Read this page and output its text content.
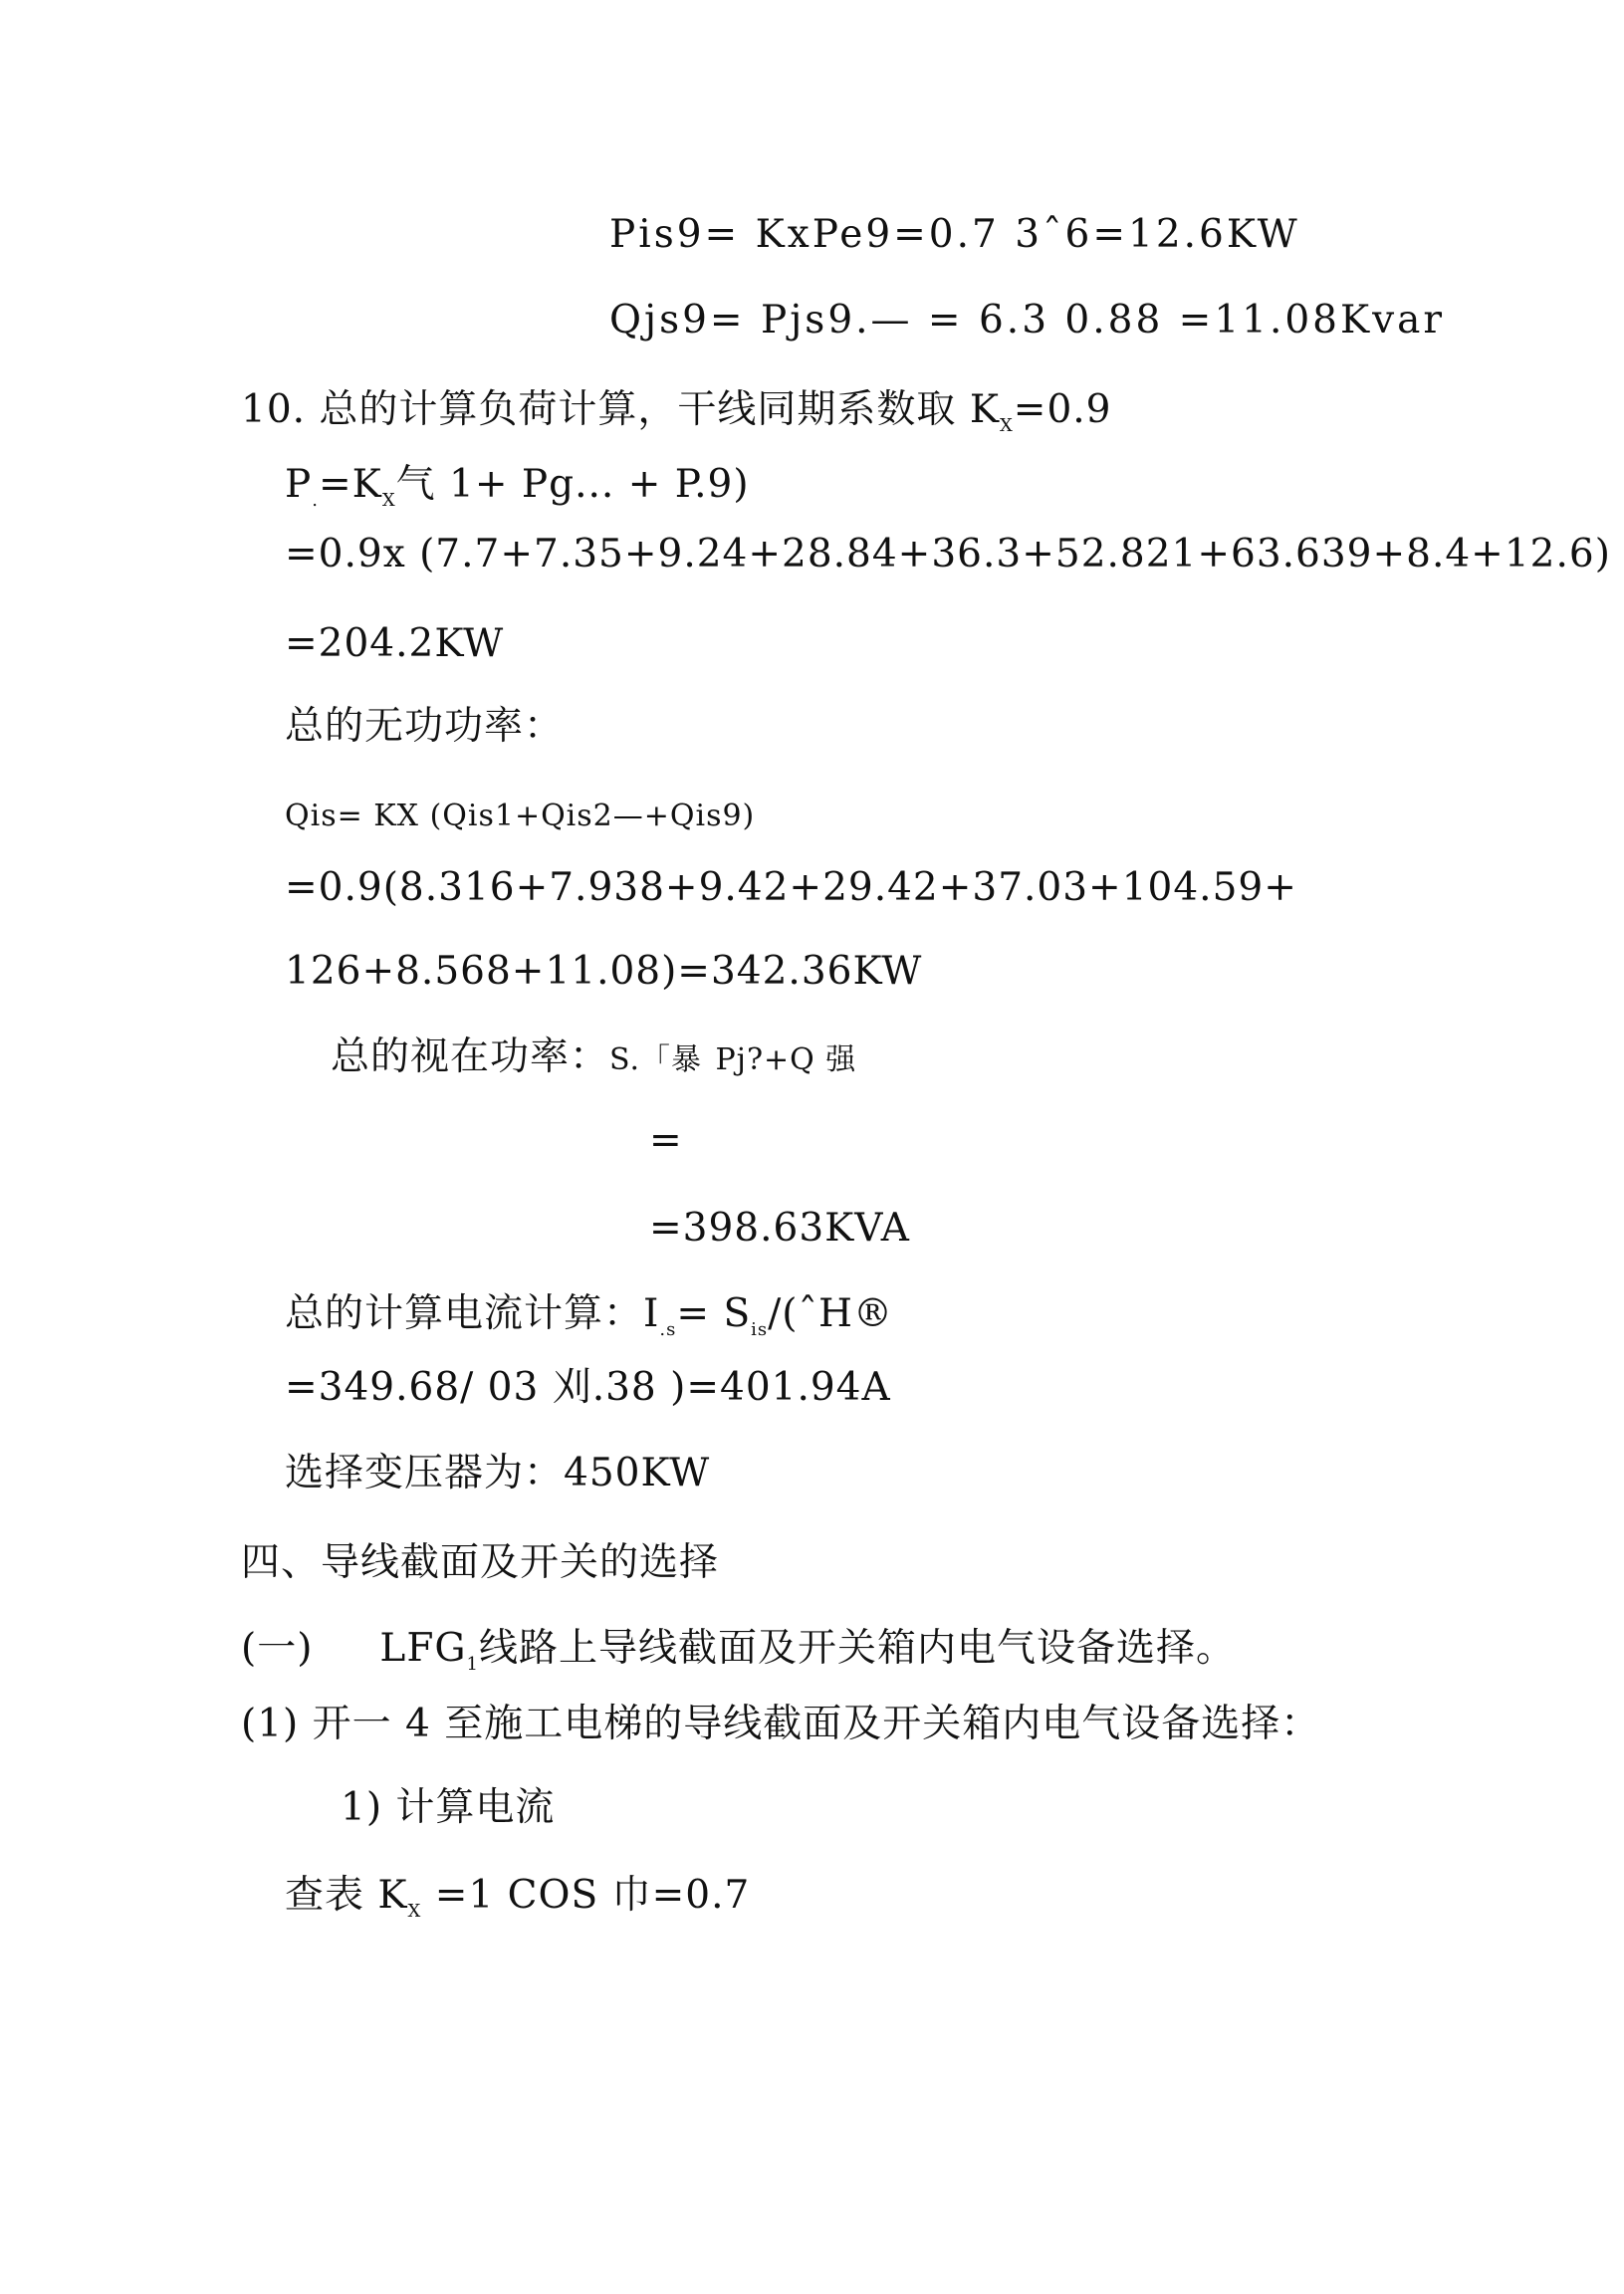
Pis9= KxPe9=0.7 3ˆ6=12.6KW
Qjs9= Pjs9.— = 6.3 0.88 =11.08Kvar
10. 总的计算负荷计算，干线同期系数取 $K_X=0.9$
$P_.=K_X$气 1+ Pg... + P.9)
=0.9x (7.7+7.35+9.24+28.84+36.3+52.821+63.639+8.4+12.6)
=204.2KW
总的无功功率：
Qis= KX (Qis1+Qis2—+Qis9)
=0.9(8.316+7.938+9.42+29.42+37.03+104.59+
126+8.568+11.08)=342.36KW
总的视在功率：S.「暴 Pj?+Q 强
=
=398.63KVA
总的计算电流计算：$I_{.s}=$ $S_{is}/(ˆH®$
=349.68/ 03 刈.38 )=401.94A
选择变压器为：450KW
四、导线截面及开关的选择
(一)     $LFG_1$线路上导线截面及开关箱内电气设备选择。
(1) 开一 4 至施工电梯的导线截面及开关箱内电气设备选择：
1) 计算电流
查表 $K_X =1$ COS 巾=0.7
